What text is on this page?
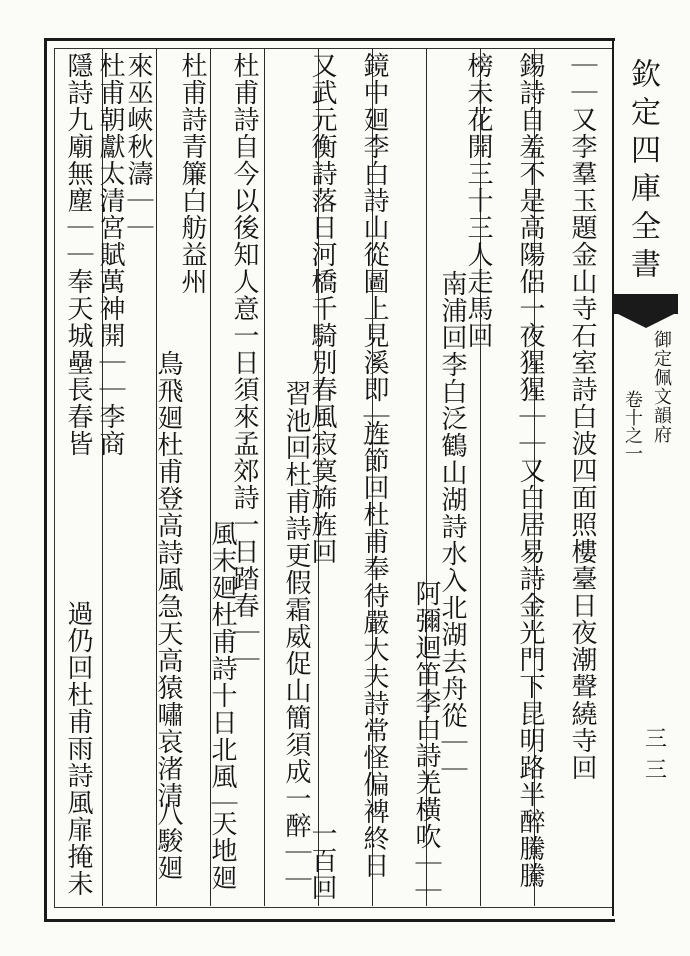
｜｜又李羣玉題金山寺石室詩白波四面照樓臺日夜潮聲繞寺回
錫詩自羞不是高陽侶一夜猩猩｜｜又白居易詩金光門下昆明路半醉騰騰
榜未花開三十三人走馬回
南浦回李白泛鶴山湖詩水入北湖去舟從｜｜
阿彌迴笛李白詩羌橫吹｜｜
鏡中廻李白詩山從圖上見溪即｜｜
旌節回杜甫奉待嚴大夫詩常怪偏裨終日
又武元衡詩落日河橋千騎別春風寂寞旆旌回
習池回杜甫詩更假霜威促山簡須成一醉｜｜
一百回
杜甫詩自今以後知人意一日須來孟郊詩一日踏春｜｜
風末廻杜甫詩十日北風｜
天地廻
杜甫詩青簾白舫益州
鳥飛廻杜甫登高詩風急天高猿嘯哀渚清
八駿廻
來巫峽秋濤｜｜
杜甫朝獻太清宮賦萬神開｜｜李商
隱詩九廟無塵｜｜奉天城壘長春皆
過仍回杜甫雨詩風扉掩未
欽定四庫全書
御定佩文韻府
卷十之一
三三
